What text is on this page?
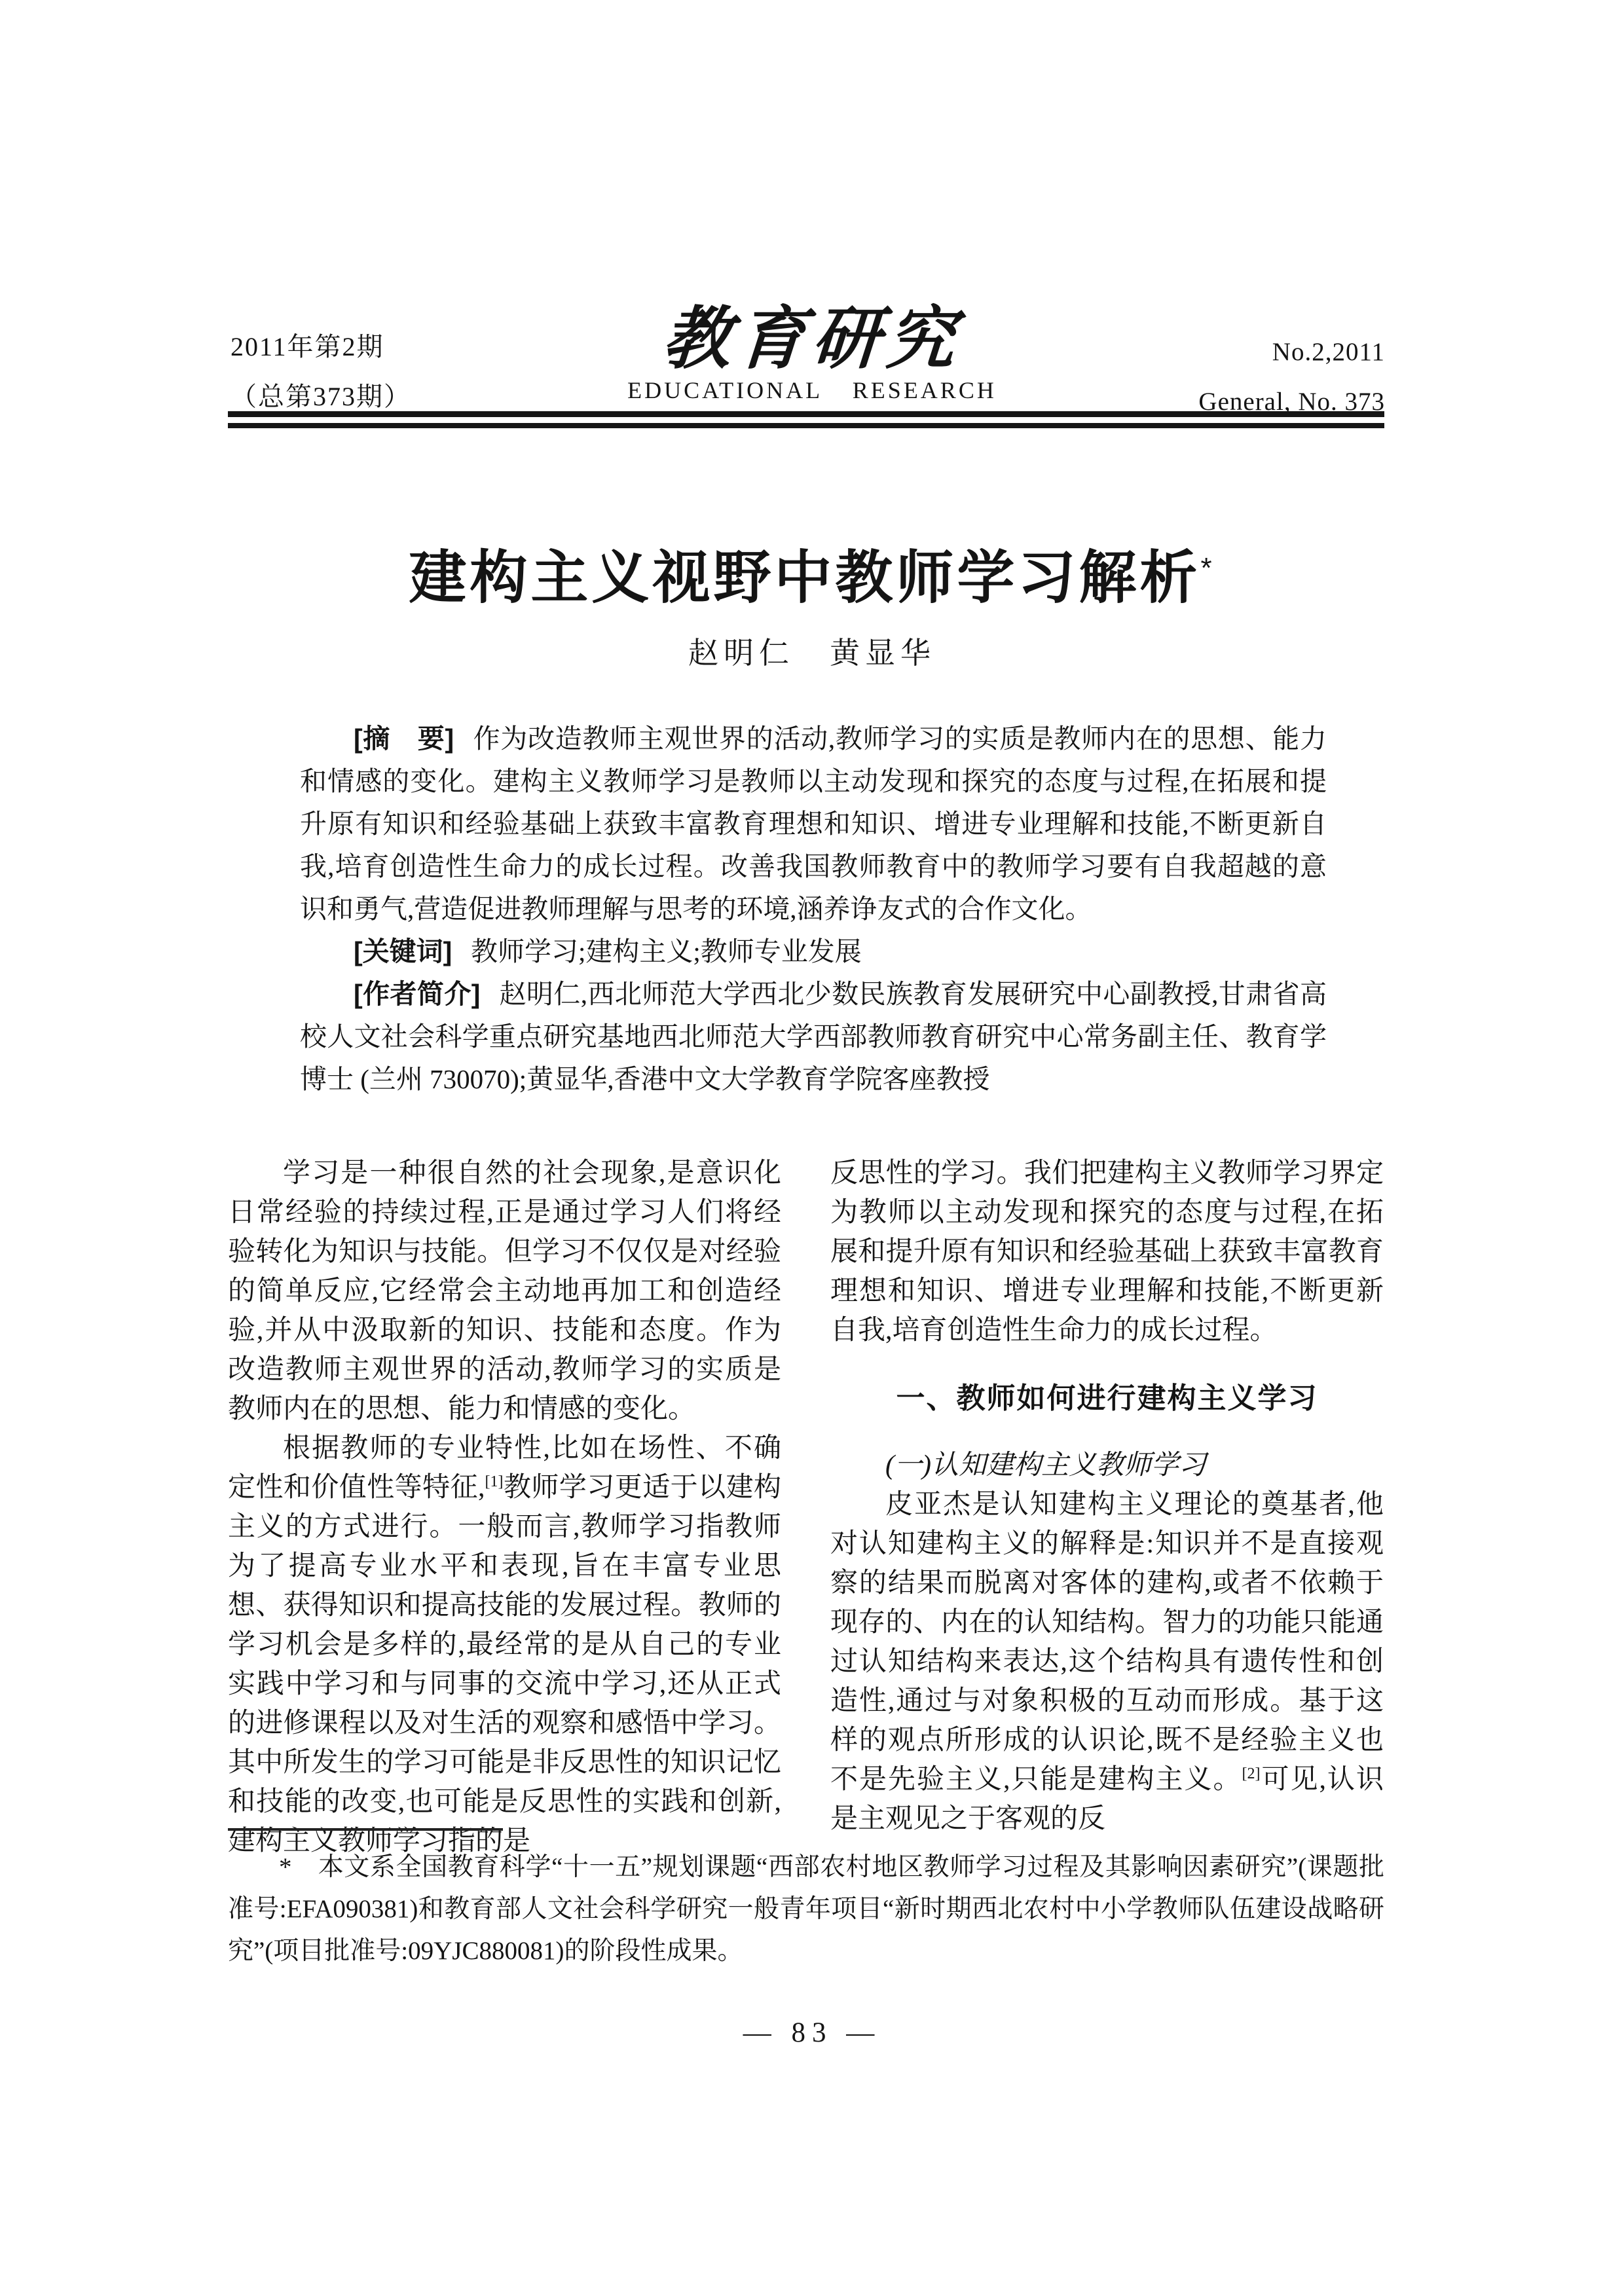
2011年第2期
（总第373期）
教育研究
EDUCATIONAL RESEARCH
No.2,2011
General, No. 373
建构主义视野中教师学习解析*
赵明仁　黄显华

[摘　要] 作为改造教师主观世界的活动,教师学习的实质是教师内在的思想、能力和情感的变化。建构主义教师学习是教师以主动发现和探究的态度与过程,在拓展和提升原有知识和经验基础上获致丰富教育理想和知识、增进专业理解和技能,不断更新自我,培育创造性生命力的成长过程。改善我国教师教育中的教师学习要有自我超越的意识和勇气,营造促进教师理解与思考的环境,涵养诤友式的合作文化。

[关键词] 教师学习;建构主义;教师专业发展

[作者简介] 赵明仁,西北师范大学西北少数民族教育发展研究中心副教授,甘肃省高校人文社会科学重点研究基地西北师范大学西部教师教育研究中心常务副主任、教育学博士 (兰州 730070);黄显华,香港中文大学教育学院客座教授

学习是一种很自然的社会现象,是意识化日常经验的持续过程,正是通过学习人们将经验转化为知识与技能。但学习不仅仅是对经验的简单反应,它经常会主动地再加工和创造经验,并从中汲取新的知识、技能和态度。作为改造教师主观世界的活动,教师学习的实质是教师内在的思想、能力和情感的变化。

根据教师的专业特性,比如在场性、不确定性和价值性等特征,[1]教师学习更适于以建构主义的方式进行。一般而言,教师学习指教师为了提高专业水平和表现,旨在丰富专业思想、获得知识和提高技能的发展过程。教师的学习机会是多样的,最经常的是从自己的专业实践中学习和与同事的交流中学习,还从正式的进修课程以及对生活的观察和感悟中学习。其中所发生的学习可能是非反思性的知识记忆和技能的改变,也可能是反思性的实践和创新,建构主义教师学习指的是

反思性的学习。我们把建构主义教师学习界定为教师以主动发现和探究的态度与过程,在拓展和提升原有知识和经验基础上获致丰富教育理想和知识、增进专业理解和技能,不断更新自我,培育创造性生命力的成长过程。

一、教师如何进行建构主义学习

(一)认知建构主义教师学习

皮亚杰是认知建构主义理论的奠基者,他对认知建构主义的解释是:知识并不是直接观察的结果而脱离对客体的建构,或者不依赖于现存的、内在的认知结构。智力的功能只能通过认知结构来表达,这个结构具有遗传性和创造性,通过与对象积极的互动而形成。基于这样的观点所形成的认识论,既不是经验主义也不是先验主义,只能是建构主义。[2]可见,认识是主观见之于客观的反

*　本文系全国教育科学“十一五”规划课题“西部农村地区教师学习过程及其影响因素研究”(课题批准号:EFA090381)和教育部人文社会科学研究一般青年项目“新时期西北农村中小学教师队伍建设战略研究”(项目批准号:09YJC880081)的阶段性成果。

— 83 —
